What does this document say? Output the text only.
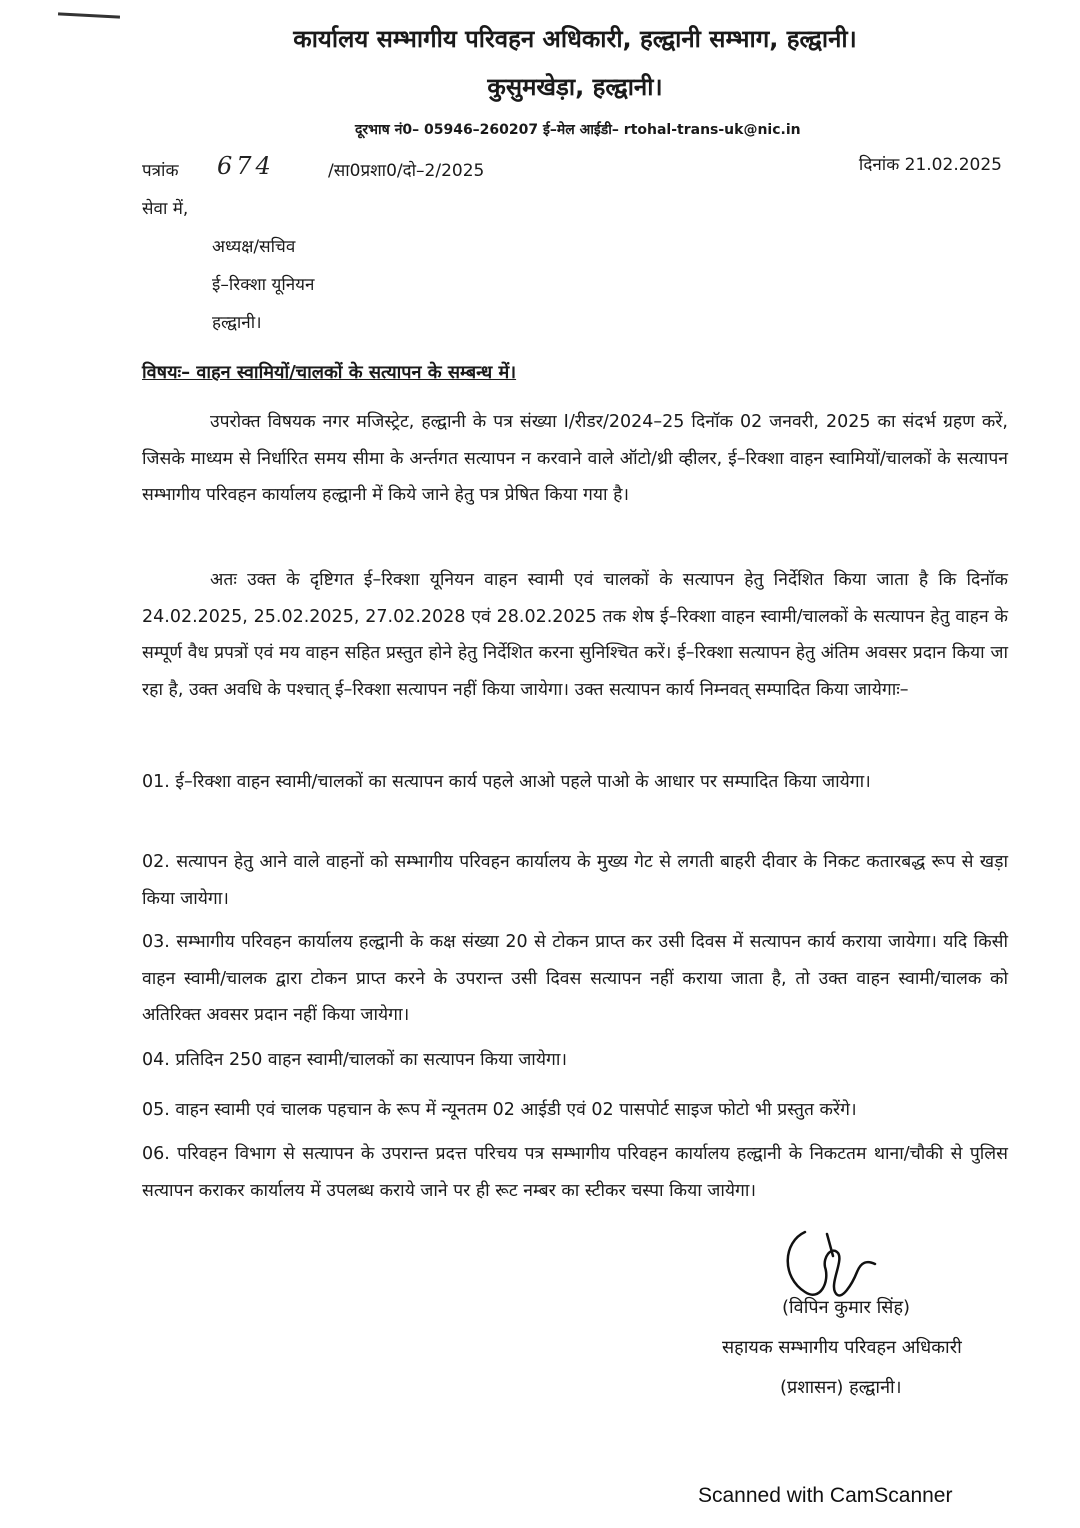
कार्यालय सम्भागीय परिवहन अधिकारी, हल्द्वानी सम्भाग, हल्द्वानी।
कुसुमखेड़ा, हल्द्वानी।
दूरभाष नं0– 05946–260207 ई–मेल आईडी– rtohal-trans-uk@nic.in
पत्रांक 674	/सा0प्रशा0/दो–2/2025	दिनांक 21.02.2025
सेवा में,
अध्यक्ष/सचिव
ई–रिक्शा यूनियन
हल्द्वानी।
विषयः– वाहन स्वामियों/चालकों के सत्यापन के सम्बन्ध में।
उपरोक्त विषयक नगर मजिस्ट्रेट, हल्द्वानी के पत्र संख्या I/रीडर/2024–25 दिनॉक 02 जनवरी, 2025 का संदर्भ ग्रहण करें, जिसके माध्यम से निर्धारित समय सीमा के अर्न्तगत सत्यापन न करवाने वाले ऑटो/थ्री व्हीलर, ई–रिक्शा वाहन स्वामियों/चालकों के सत्यापन सम्भागीय परिवहन कार्यालय हल्द्वानी में किये जाने हेतु पत्र प्रेषित किया गया है।
अतः उक्त के दृष्टिगत ई–रिक्शा यूनियन वाहन स्वामी एवं चालकों के सत्यापन हेतु निर्देशित किया जाता है कि दिनॉक 24.02.2025, 25.02.2025, 27.02.2028 एवं 28.02.2025 तक शेष ई–रिक्शा वाहन स्वामी/चालकों के सत्यापन हेतु वाहन के सम्पूर्ण वैध प्रपत्रों एवं मय वाहन सहित प्रस्तुत होने हेतु निर्देशित करना सुनिश्चित करें। ई–रिक्शा सत्यापन हेतु अंतिम अवसर प्रदान किया जा रहा है, उक्त अवधि के पश्चात् ई–रिक्शा सत्यापन नहीं किया जायेगा। उक्त सत्यापन कार्य निम्नवत् सम्पादित किया जायेगाः–
01. ई–रिक्शा वाहन स्वामी/चालकों का सत्यापन कार्य पहले आओ पहले पाओ के आधार पर सम्पादित किया जायेगा।
02. सत्यापन हेतु आने वाले वाहनों को सम्भागीय परिवहन कार्यालय के मुख्य गेट से लगती बाहरी दीवार के निकट कतारबद्ध रूप से खड़ा किया जायेगा।
03. सम्भागीय परिवहन कार्यालय हल्द्वानी के कक्ष संख्या 20 से टोकन प्राप्त कर उसी दिवस में सत्यापन कार्य कराया जायेगा। यदि किसी वाहन स्वामी/चालक द्वारा टोकन प्राप्त करने के उपरान्त उसी दिवस सत्यापन नहीं कराया जाता है, तो उक्त वाहन स्वामी/चालक को अतिरिक्त अवसर प्रदान नहीं किया जायेगा।
04. प्रतिदिन 250 वाहन स्वामी/चालकों का सत्यापन किया जायेगा।
05. वाहन स्वामी एवं चालक पहचान के रूप में न्यूनतम 02 आईडी एवं 02 पासपोर्ट साइज फोटो भी प्रस्तुत करेंगे।
06. परिवहन विभाग से सत्यापन के उपरान्त प्रदत्त परिचय पत्र सम्भागीय परिवहन कार्यालय हल्द्वानी के निकटतम थाना/चौकी से पुलिस सत्यापन कराकर कार्यालय में उपलब्ध कराये जाने पर ही रूट नम्बर का स्टीकर चस्पा किया जायेगा।
(विपिन कुमार सिंह)
सहायक सम्भागीय परिवहन अधिकारी
(प्रशासन) हल्द्वानी।
Scanned with CamScanner
